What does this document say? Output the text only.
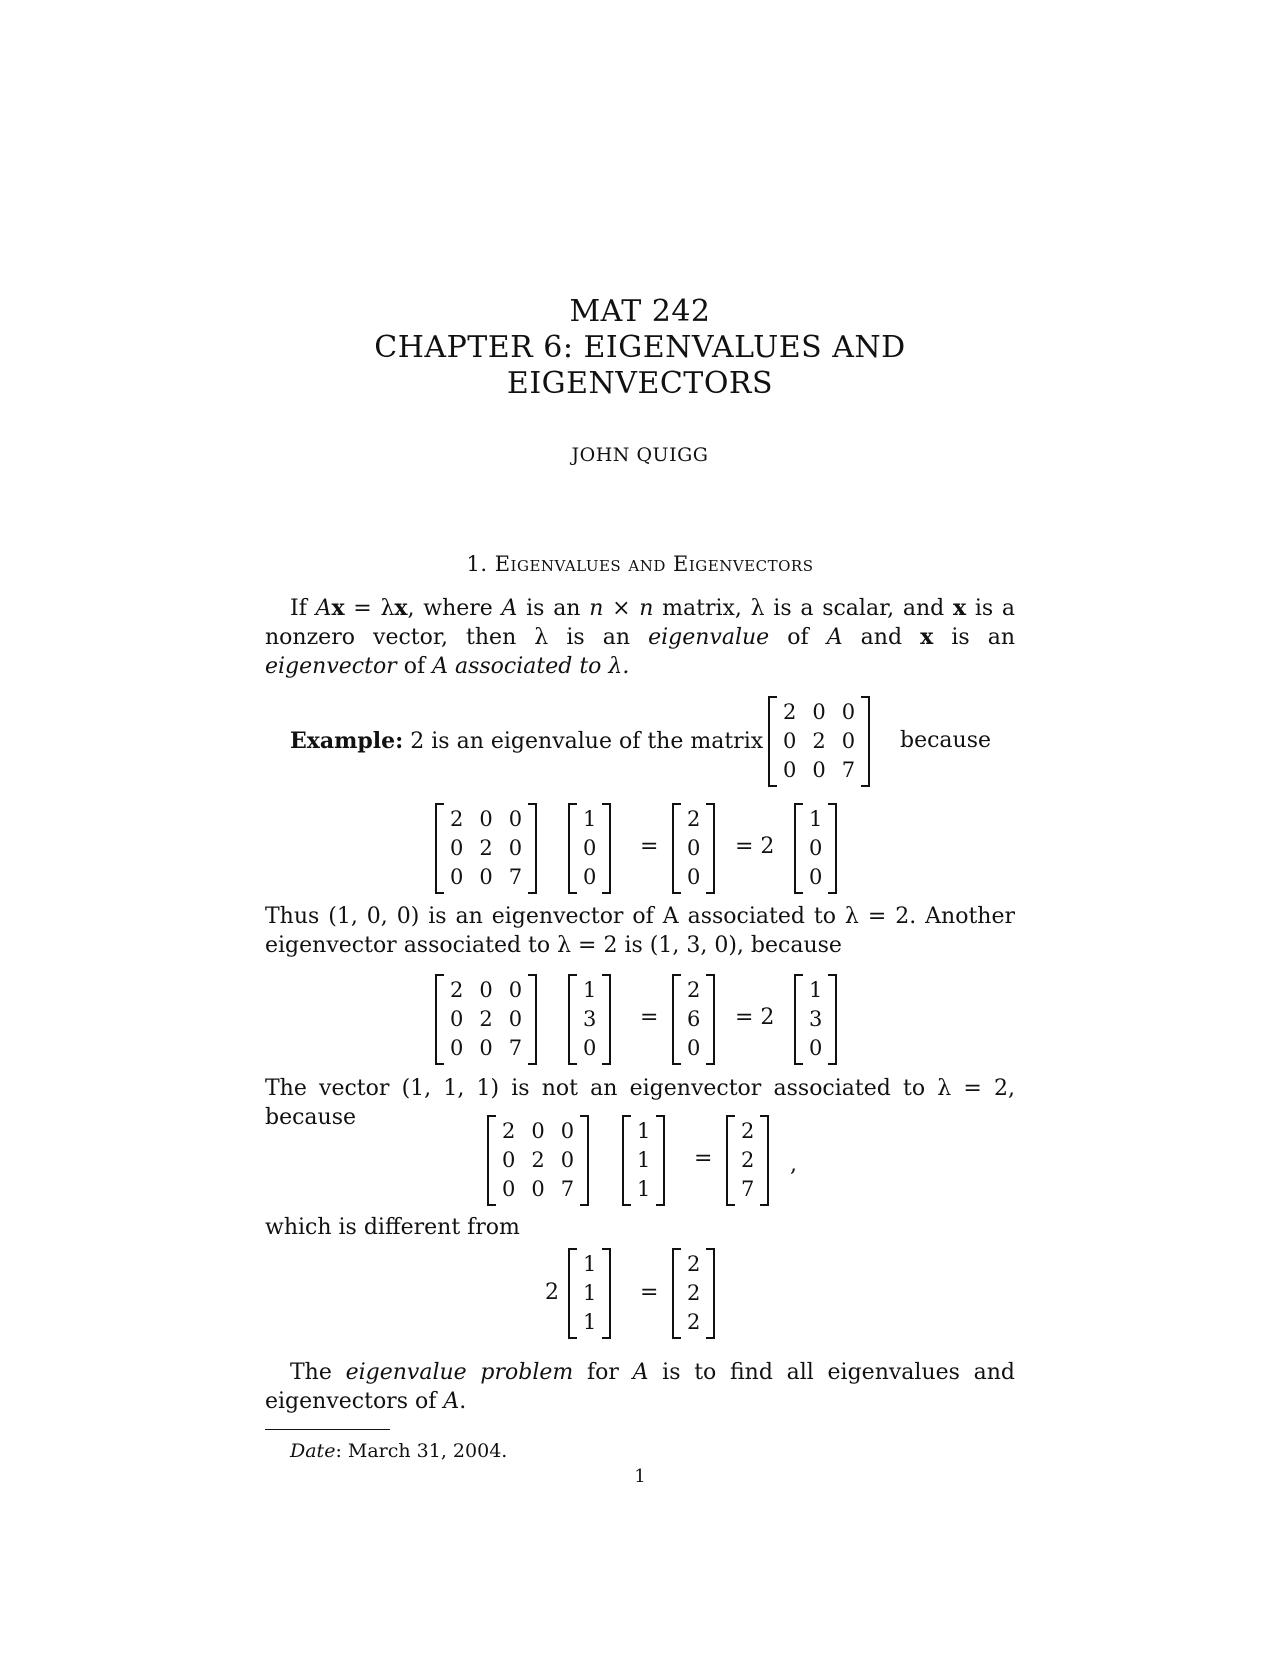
MAT 242
CHAPTER 6: EIGENVALUES AND
EIGENVECTORS
JOHN QUIGG
1. Eigenvalues and Eigenvectors
If Ax = λx, where A is an n × n matrix, λ is a scalar, and x is a nonzero vector, then λ is an eigenvalue of A and x is an eigenvector of A associated to λ.
Example: 2 is an eigenvalue of the matrix
2 0 0
0 2 0
0 0 7
because
2 0 0
0 2 0
0 0 7
1
0
0
=
2
0
0
= 2
1
0
0
Thus (1, 0, 0) is an eigenvector of A associated to λ = 2. Another eigenvector associated to λ = 2 is (1, 3, 0), because
2 0 0
0 2 0
0 0 7
1
3
0
=
2
6
0
= 2
1
3
0
The vector (1, 1, 1) is not an eigenvector associated to λ = 2, because
2 0 0
0 2 0
0 0 7
1
1
1
=
2
2
7
,
which is different from
2
1
1
1
=
2
2
2
The eigenvalue problem for A is to find all eigenvalues and eigenvectors of A.
Date: March 31, 2004.
1
